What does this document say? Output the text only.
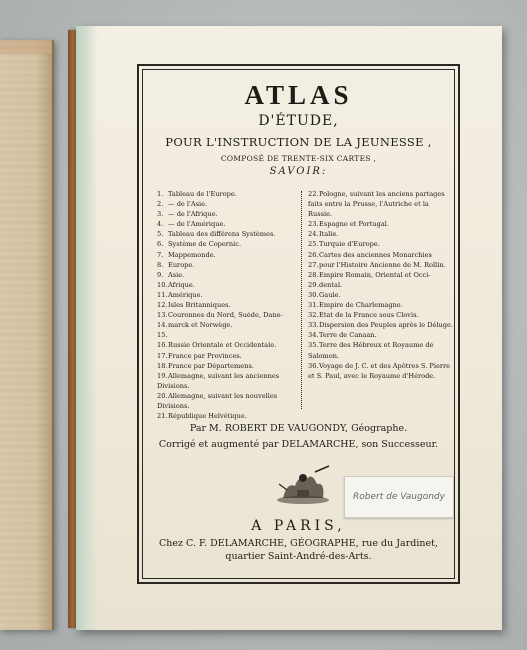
ATLAS
D'ÉTUDE,
POUR L'INSTRUCTION DE LA JEUNESSE ,
COMPOSÉ DE TRENTE-SIX CARTES ,
SAVOIR:
1. Tableau de l'Europe.
2. — de l'Asie.
3. — de l'Afrique.
4. — de l'Amérique.
5. Tableau des différens Systèmes.
6. Système de Copernic.
7. Mappemonde.
8. Europe.
9. Asie.
10.Afrique.
11.Amérique.
12.Isles Britanniques.
13.Couronnes du Nord, Suède, Dane-
14.marck et Norwège.
15.
16.Russie Orientale et Occidentale.
17.France par Provinces.
18.France par Départemens.
19.Allemagne, suivant les anciennes Divisions.
20.Allemagne, suivant les nouvelles Divisions.
21.République Helvétique.
22.Pologne, suivant les anciens partages faits entre la Prusse, l'Autriche et la Russie.
23.Espagne et Portugal.
24.Italie.
25.Turquie d'Europe.
26.Cartes des anciennes Monarchies
27.pour l'Histoire Ancienne de M. Rollin.
28.Empire Romain, Oriental et Occi-
29.dental.
30.Gaule.
31.Empire de Charlemagne.
32.Etat de la France sous Clovis.
33.Dispersion des Peuples après le Déluge.
34.Terre de Canaan.
35.Terre des Hébreux et Royaume de Salomon.
36.Voyage de J. C. et des Apôtres S. Pierre et S. Paul, avec le Royaume d'Hérode.
Par M. ROBERT DE VAUGONDY, Géographe.
Corrigé et augmenté par DELAMARCHE, son Successeur.
A PARIS,
Chez C. F. DELAMARCHE, GÉOGRAPHE, rue du Jardinet,
quartier Saint-André-des-Arts.
Robert de Vaugondy
